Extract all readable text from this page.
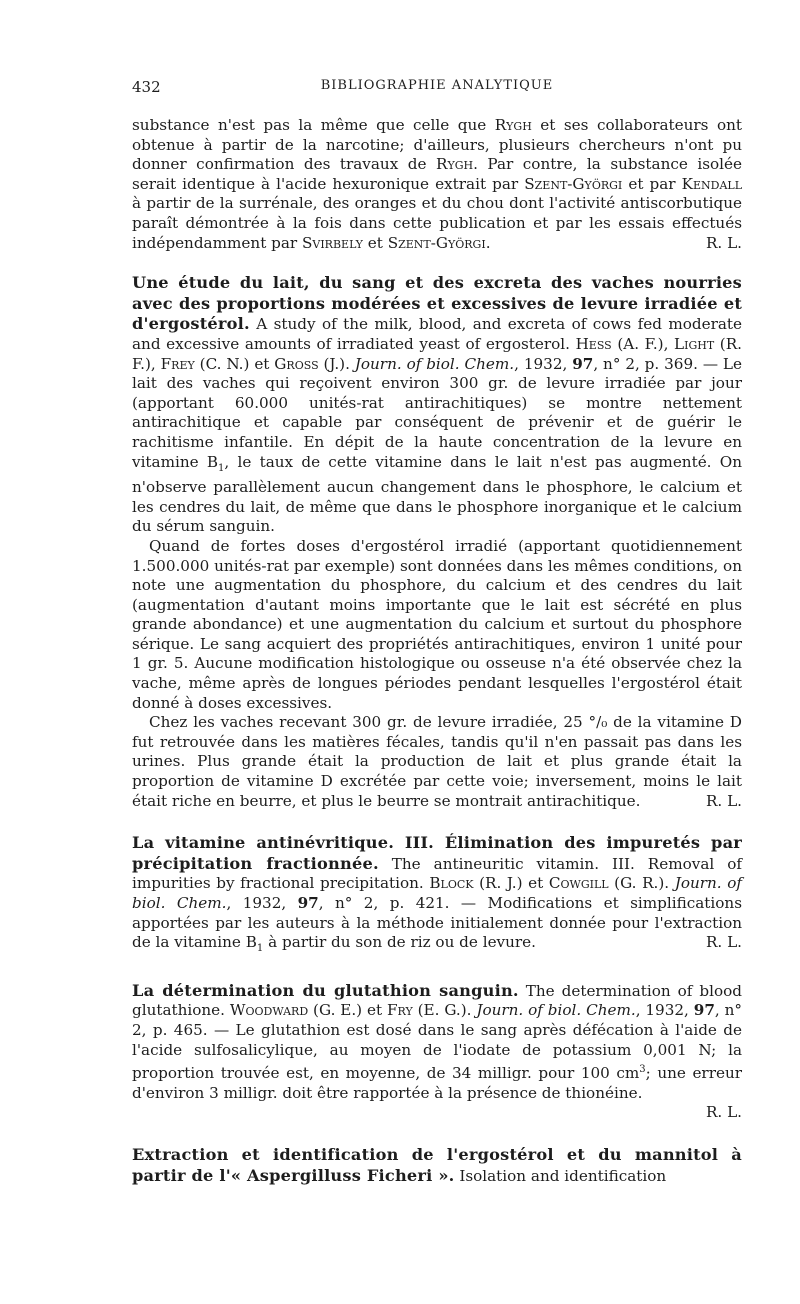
432	BIBLIOGRAPHIE ANALYTIQUE

substance n'est pas la même que celle que Rygh et ses collaborateurs ont obtenue à partir de la narcotine; d'ailleurs, plusieurs chercheurs n'ont pu donner confirmation des travaux de Rygh. Par contre, la substance isolée serait identique à l'acide hexuronique extrait par Szent-Györgi et par Kendall à partir de la surrénale, des oranges et du chou dont l'activité antiscorbutique paraît démontrée à la fois dans cette publication et par les essais effectués indépendamment par Svirbely et Szent-Györgi.	R. L.

Une étude du lait, du sang et des excreta des vaches nourries avec des proportions modérées et excessives de levure irradiée et d'ergostérol. A study of the milk, blood, and excreta of cows fed moderate and excessive amounts of irradiated yeast of ergosterol. Hess (A. F.), Light (R. F.), Frey (C. N.) et Gross (J.). Journ. of biol. Chem., 1932, 97, n° 2, p. 369. — Le lait des vaches qui reçoivent environ 300 gr. de levure irradiée par jour (apportant 60.000 unités-rat antirachitiques) se montre nettement antirachitique et capable par conséquent de prévenir et de guérir le rachitisme infantile. En dépit de la haute concentration de la levure en vitamine $B_1$, le taux de cette vitamine dans le lait n'est pas augmenté. On n'observe parallèlement aucun changement dans le phosphore, le calcium et les cendres du lait, de même que dans le phosphore inorganique et le calcium du sérum sanguin.

Quand de fortes doses d'ergostérol irradié (apportant quotidiennement 1.500.000 unités-rat par exemple) sont données dans les mêmes conditions, on note une augmentation du phosphore, du calcium et des cendres du lait (augmentation d'autant moins importante que le lait est sécrété en plus grande abondance) et une augmentation du calcium et surtout du phosphore sérique. Le sang acquiert des propriétés antirachitiques, environ 1 unité pour 1 gr. 5. Aucune modification histologique ou osseuse n'a été observée chez la vache, même après de longues périodes pendant lesquelles l'ergostérol était donné à doses excessives.

Chez les vaches recevant 300 gr. de levure irradiée, 25 °/₀ de la vitamine D fut retrouvée dans les matières fécales, tandis qu'il n'en passait pas dans les urines. Plus grande était la production de lait et plus grande était la proportion de vitamine D excrétée par cette voie; inversement, moins le lait était riche en beurre, et plus le beurre se montrait antirachitique.	R. L.

La vitamine antinévritique. III. Élimination des impuretés par précipitation fractionnée. The antineuritic vitamin. III. Removal of impurities by fractional precipitation. Block (R. J.) et Cowgill (G. R.). Journ. of biol. Chem., 1932, 97, n° 2, p. 421. — Modifications et simplifications apportées par les auteurs à la méthode initialement donnée pour l'extraction de la vitamine $B_1$ à partir du son de riz ou de levure.	R. L.

La détermination du glutathion sanguin. The determination of blood glutathione. Woodward (G. E.) et Fry (E. G.). Journ. of biol. Chem., 1932, 97, n° 2, p. 465. — Le glutathion est dosé dans le sang après défécation à l'aide de l'acide sulfosalicylique, au moyen de l'iodate de potassium 0,001 N; la proportion trouvée est, en moyenne, de 34 milligr. pour 100 $cm^3$; une erreur d'environ 3 milligr. doit être rapportée à la présence de thionéine.

R. L.

Extraction et identification de l'ergostérol et du mannitol à partir de l'« Aspergilluss Ficheri ». Isolation and identification
